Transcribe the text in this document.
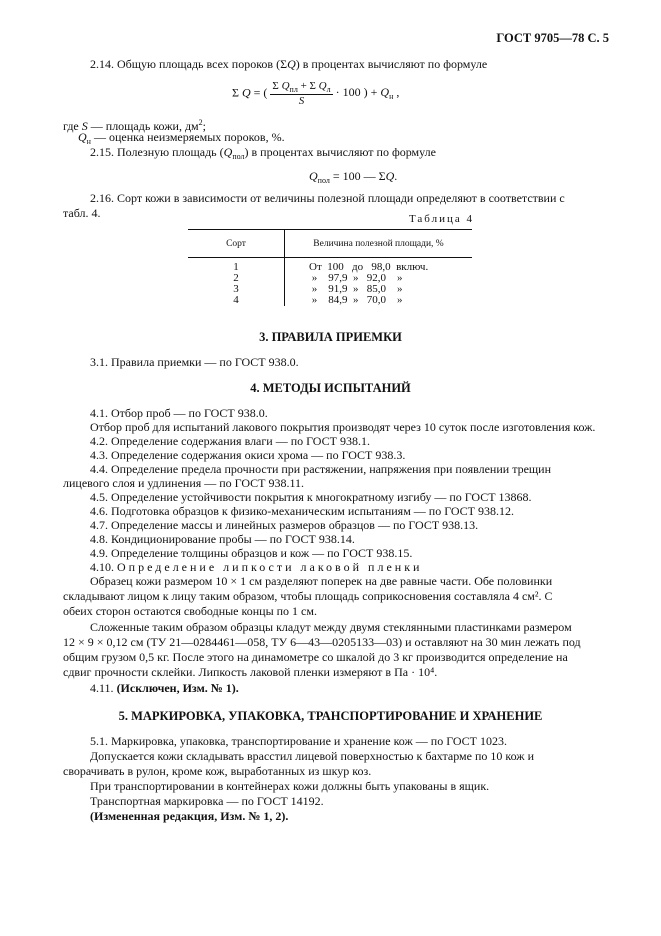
ГОСТ 9705—78 С. 5
2.14. Общую площадь всех пороков (ΣQ) в процентах вычисляют по формуле
Σ Q = ( $\frac{\Sigma Q_{пл} + \Sigma Q_л}{S} \cdot 100$ ) + $Q_н$ ,
где S — площадь кожи, $дм^2$;
$Q_н$ — оценка неизмеряемых пороков, %.
2.15. Полезную площадь $(Q_{пол})$ в процентах вычисляют по формуле
$Q_{пол} = 100$ — ΣQ.
2.16. Сорт кожи в зависимости от величины полезной площади определяют в соответствии с
табл. 4.	Таблица 4
Сорт	Величина полезной площади, %

1	От  100   до   98,0  включ.
2	»    97,9  »   92,0    »
3	»    91,9  »   85,0    »
4	»    84,9  »   70,0    »
3. ПРАВИЛА ПРИЕМКИ
3.1. Правила приемки — по ГОСТ 938.0.
4. МЕТОДЫ ИСПЫТАНИЙ
4.1. Отбор проб — по ГОСТ 938.0.
Отбор проб для испытаний лакового покрытия производят через 10 суток после изготовления кож.
4.2. Определение содержания влаги — по ГОСТ 938.1.
4.3. Определение содержания окиси хрома — по ГОСТ 938.3.
4.4. Определение предела прочности при растяжении, напряжения при появлении трещин
лицевого слоя и удлинения — по ГОСТ 938.11.
4.5. Определение устойчивости покрытия к многократному изгибу — по ГОСТ 13868.
4.6. Подготовка образцов к физико-механическим испытаниям — по ГОСТ 938.12.
4.7. Определение массы и линейных размеров образцов — по ГОСТ 938.13.
4.8. Кондиционирование пробы — по ГОСТ 938.14.
4.9. Определение толщины образцов и кож — по ГОСТ 938.15.
4.10. Определение липкости лаковой пленки
Образец кожи размером 10 × 1 см разделяют поперек на две равные части. Обе половинки
складывают лицом к лицу таким образом, чтобы площадь соприкосновения составляла 4 см². С
обеих сторон остаются свободные концы по 1 см.
Сложенные таким образом образцы кладут между двумя стеклянными пластинками размером
12 × 9 × 0,12 см (ТУ 21—0284461—058, ТУ 6—43—0205133—03) и оставляют на 30 мин лежать под
общим грузом 0,5 кг. После этого на динамометре со шкалой до 3 кг производится определение на
сдвиг прочности склейки. Липкость лаковой пленки измеряют в Па · 10⁴.
4.11. (Исключен, Изм. № 1).
5. МАРКИРОВКА, УПАКОВКА, ТРАНСПОРТИРОВАНИЕ И ХРАНЕНИЕ
5.1. Маркировка, упаковка, транспортирование и хранение кож — по ГОСТ 1023.
Допускается кожи складывать врасстил лицевой поверхностью к бахтарме по 10 кож и
сворачивать в рулон, кроме кож, выработанных из шкур коз.
При транспортировании в контейнерах кожи должны быть упакованы в ящик.
Транспортная маркировка — по ГОСТ 14192.
(Измененная редакция, Изм. № 1, 2).
